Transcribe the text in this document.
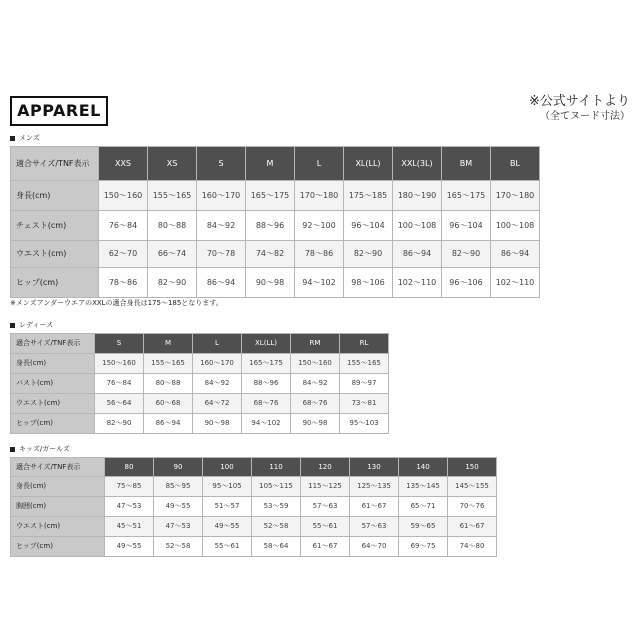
APPAREL	※公式サイトより
（全てヌード寸法）
メンズ
適合サイズ/TNF表示	XXS	XS	S	M	L	XL(LL)	XXL(3L)	BM	BL
身長(cm)	150～160	155～165	160～170	165～175	170～180	175～185	180～190	165～175	170～180
チェスト(cm)	76～84	80～88	84～92	88～96	92～100	96～104	100～108	96～104	100～108
ウエスト(cm)	62～70	66～74	70～78	74～82	78～86	82～90	86～94	82～90	86～94
ヒップ(cm)	78～86	82～90	86～94	90～98	94～102	98～106	102～110	96～106	102～110
※メンズアンダーウエアのXXLの適合身長は175～185となります。
レディース
適合サイズ/TNF表示	S	M	L	XL(LL)	RM	RL
身長(cm)	150～160	155～165	160～170	165～175	150～160	155～165
バスト(cm)	76～84	80～88	84～92	88～96	84～92	89～97
ウエスト(cm)	56～64	60～68	64～72	68～76	68～76	73～81
ヒップ(cm)	82～90	86～94	90～98	94～102	90～98	95～103
キッズ/ガールズ
適合サイズ/TNF表示	80	90	100	110	120	130	140	150
身長(cm)	75～85	85～95	95～105	105～115	115～125	125～135	135～145	145～155
胸囲(cm)	47～53	49～55	51～57	53～59	57～63	61～67	65～71	70～76
ウエスト(cm)	45～51	47～53	49～55	52～58	55～61	57～63	59～65	61～67
ヒップ(cm)	49～55	52～58	55～61	58～64	61～67	64～70	69～75	74～80
